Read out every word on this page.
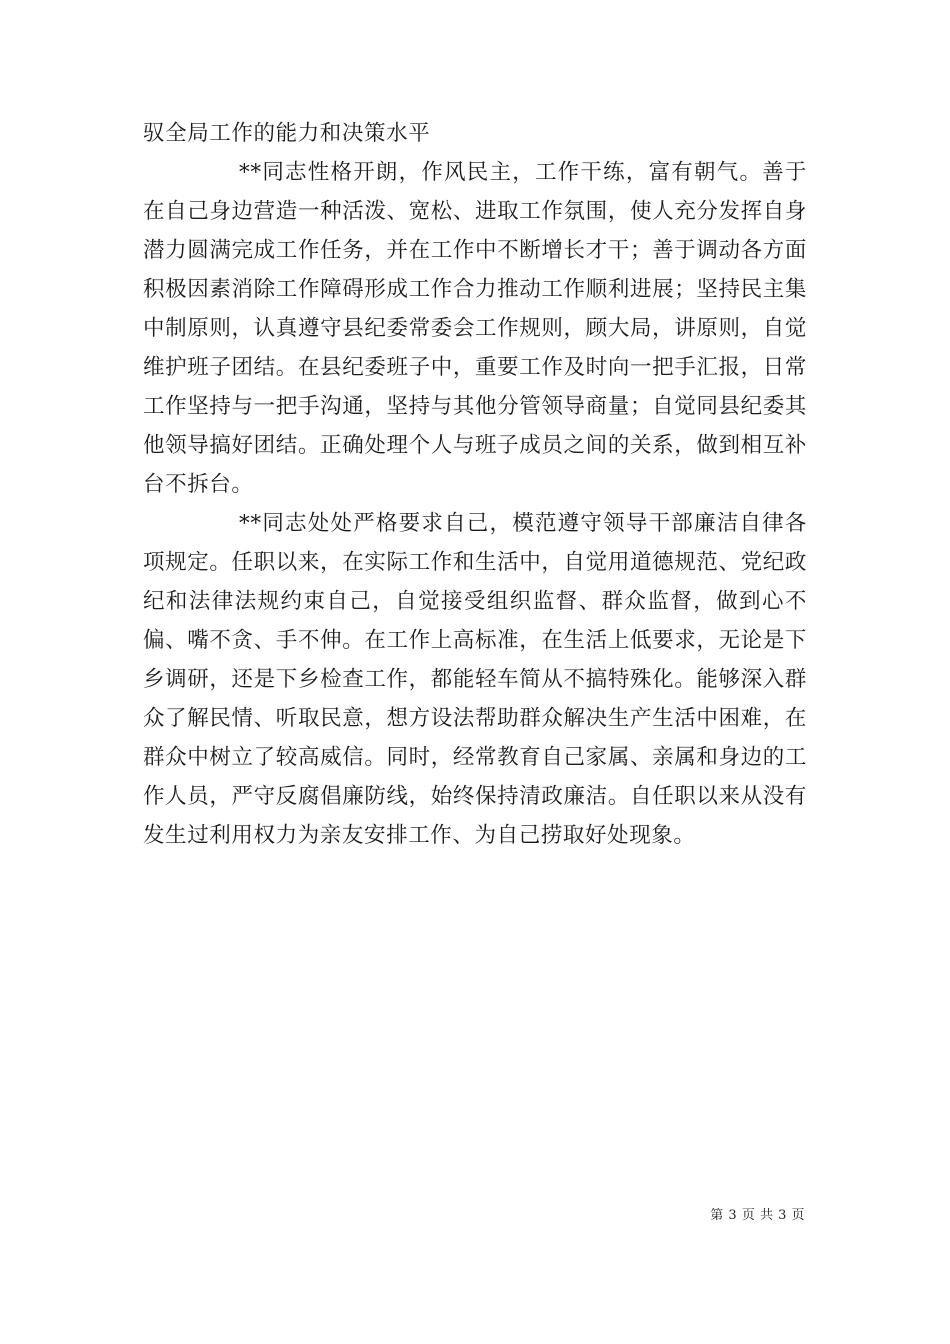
驭全局工作的能力和决策水平

**同志性格开朗，作风民主，工作干练，富有朝气。善于在自己身边营造一种活泼、宽松、进取工作氛围，使人充分发挥自身潜力圆满完成工作任务，并在工作中不断增长才干；善于调动各方面积极因素消除工作障碍形成工作合力推动工作顺利进展；坚持民主集中制原则，认真遵守县纪委常委会工作规则，顾大局，讲原则，自觉维护班子团结。在县纪委班子中，重要工作及时向一把手汇报，日常工作坚持与一把手沟通，坚持与其他分管领导商量；自觉同县纪委其他领导搞好团结。正确处理个人与班子成员之间的关系，做到相互补台不拆台。

**同志处处严格要求自己，模范遵守领导干部廉洁自律各项规定。任职以来，在实际工作和生活中，自觉用道德规范、党纪政纪和法律法规约束自己，自觉接受组织监督、群众监督，做到心不偏、嘴不贪、手不伸。在工作上高标准，在生活上低要求，无论是下乡调研，还是下乡检查工作，都能轻车简从不搞特殊化。能够深入群众了解民情、听取民意，想方设法帮助群众解决生产生活中困难，在群众中树立了较高威信。同时，经常教育自己家属、亲属和身边的工作人员，严守反腐倡廉防线，始终保持清政廉洁。自任职以来从没有发生过利用权力为亲友安排工作、为自己捞取好处现象。

第 3 页 共 3 页
